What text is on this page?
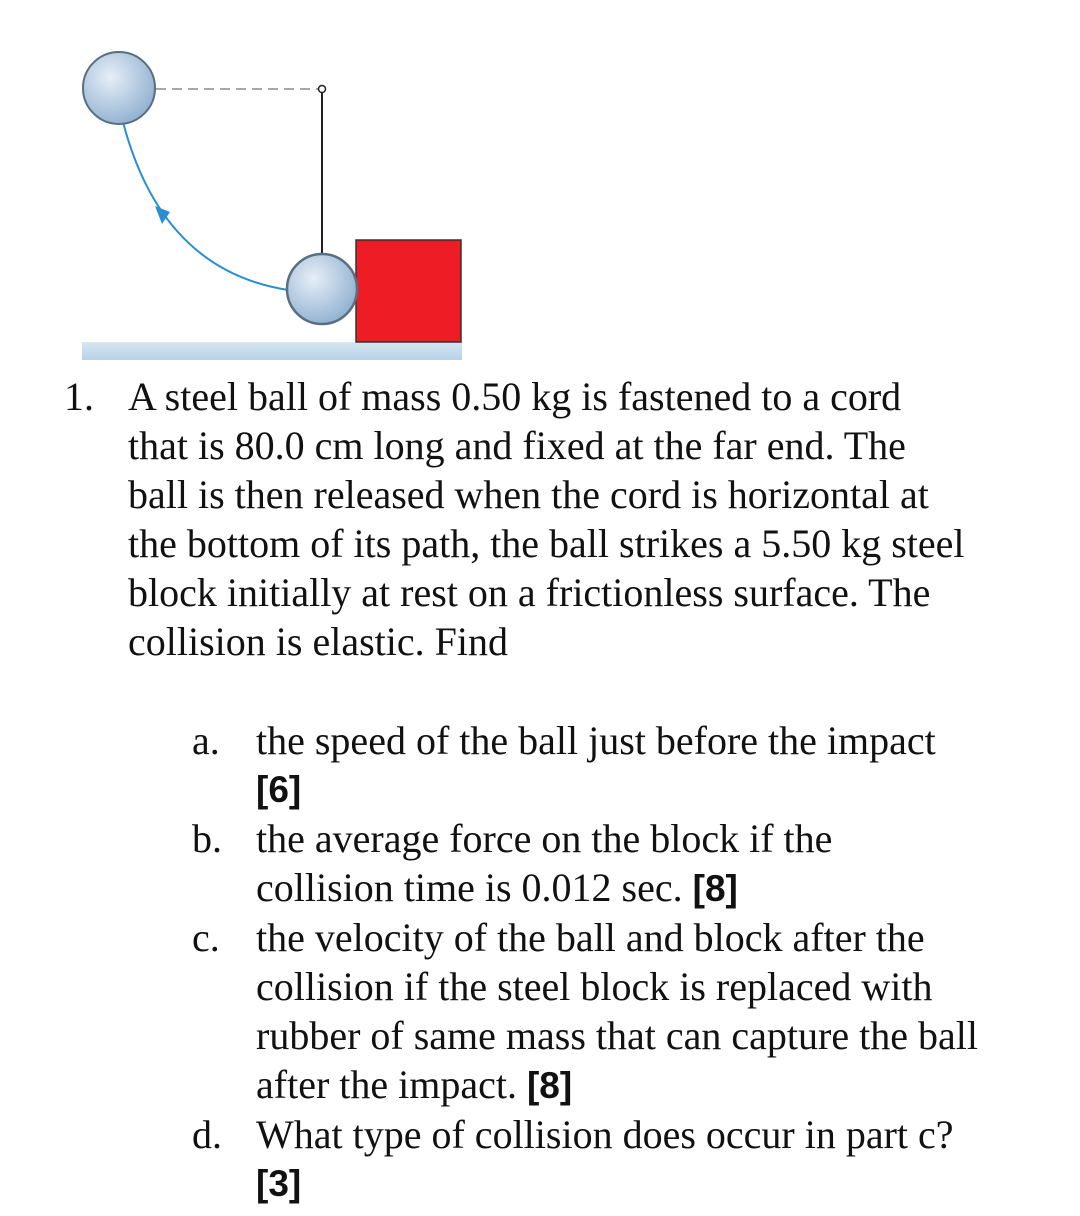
1. A steel ball of mass 0.50 kg is fastened to a cord
that is 80.0 cm long and fixed at the far end. The
ball is then released when the cord is horizontal at
the bottom of its path, the ball strikes a 5.50 kg steel
block initially at rest on a frictionless surface. The
collision is elastic. Find
a. the speed of the ball just before the impact
[6]
b. the average force on the block if the
collision time is 0.012 sec. [8]
c. the velocity of the ball and block after the
collision if the steel block is replaced with
rubber of same mass that can capture the ball
after the impact. [8]
d. What type of collision does occur in part c?
[3]
